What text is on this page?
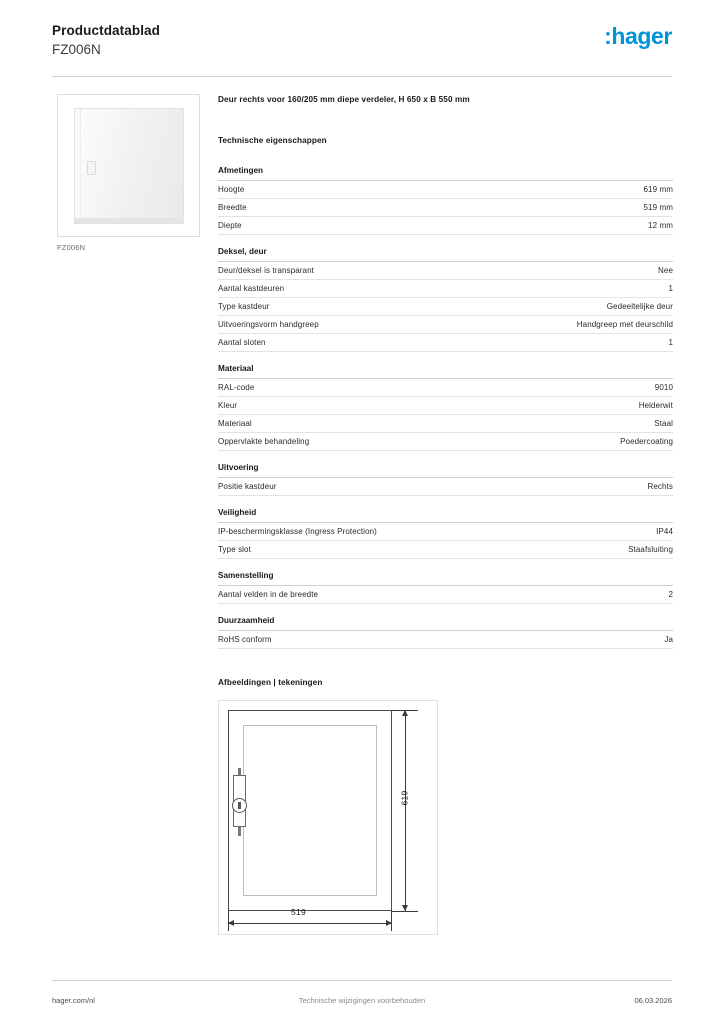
Productdatablad
FZ006N
:hager
FZ006N
Deur rechts voor 160/205 mm diepe verdeler, H 650 x B 550 mm
Technische eigenschappen
Afmetingen
Hoogte	619 mm
Breedte	519 mm
Diepte	12 mm
Deksel, deur
Deur/deksel is transparant	Nee
Aantal kastdeuren	1
Type kastdeur	Gedeeltelijke deur
Uitvoeringsvorm handgreep	Handgreep met deurschild
Aantal sloten	1
Materiaal
RAL-code	9010
Kleur	Helderwit
Materiaal	Staal
Oppervlakte behandeling	Poedercoating
Uitvoering
Positie kastdeur	Rechts
Veiligheid
IP-beschermingsklasse (Ingress Protection)	IP44
Type slot	Staafsluiting
Samenstelling
Aantal velden in de breedte	2
Duurzaamheid
RoHS conform	Ja
Afbeeldingen | tekeningen
619
519
hager.com/nl	Technische wijzigingen voorbehouden	06.03.2026
